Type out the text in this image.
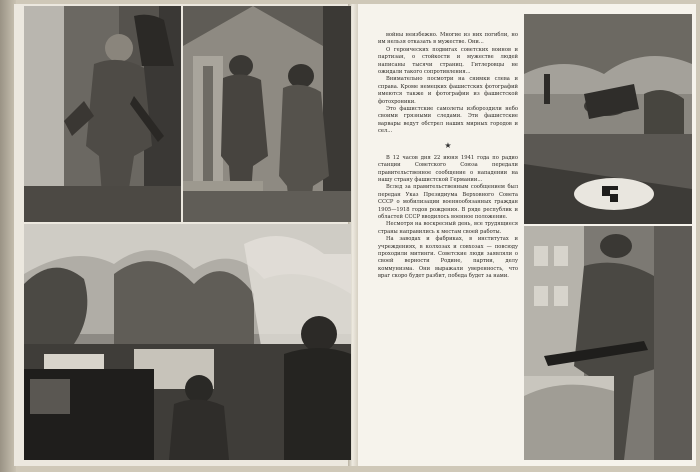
войны неизбежно. Многие из них погибли, но им нельзя отказать в мужестве. Они...

О героических подвигах советских воинов и партизан, о стойкости и мужестве людей написаны тысячи страниц. Гитлеровцы не ожидали такого сопротивления...

Внимательно посмотри на снимки слева и справа. Кроме немецких фашистских фотографий имеются также и фотографии из фашистской фотохроники.

Это фашистские самолеты избороздили небо своими грязными следами. Эти фашистские варвары ведут обстрел наших мирных городов и сел...

★

В 12 часов дня 22 июня 1941 года по радио станции Советского Союза передали правительственное сообщение о нападении на нашу страну фашистской Германии...

Вслед за правительственным сообщением был передан Указ Президиума Верховного Совета СССР о мобилизации военнообязанных граждан 1905—1918 годов рождения. В ряде республик и областей СССР вводилось военное положение.

Несмотря на воскресный день, все трудящиеся страны направились к местам своей работы.

На заводах и фабриках, в институтах и учреждениях, в колхозах и совхозах — повсюду проходили митинги. Советские люди заявляли о своей верности Родине, партии, делу коммунизма. Они выражали уверенность, что враг скоро будет разбит, победа будет за нами.
